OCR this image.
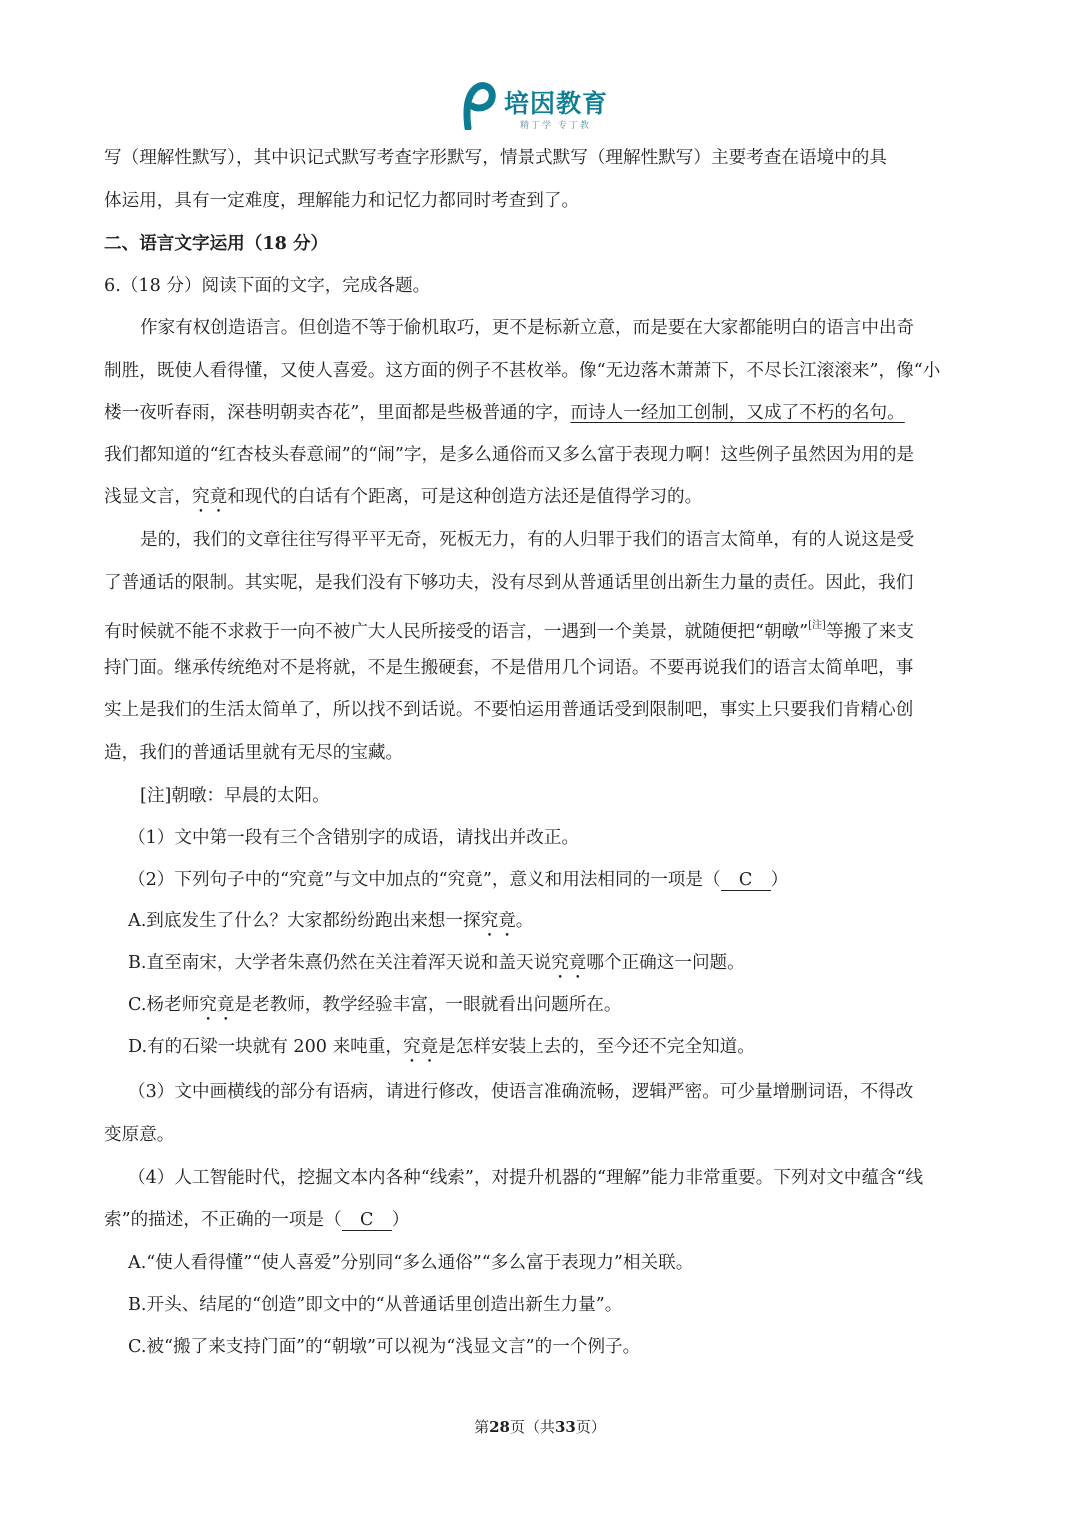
培因教育
精丁学 专丁教
写（理解性默写），其中识记式默写考查字形默写，情景式默写（理解性默写）主要考查在语境中的具
体运用，具有一定难度，理解能力和记忆力都同时考查到了。
二、语言文字运用（18 分）
6.（18 分）阅读下面的文字，完成各题。
作家有权创造语言。但创造不等于偷机取巧，更不是标新立意，而是要在大家都能明白的语言中出奇
制胜，既使人看得懂，又使人喜爱。这方面的例子不甚枚举。像“无边落木萧萧下，不尽长江滚滚来”，像“小
楼一夜听春雨，深巷明朝卖杏花”，里面都是些极普通的字，而诗人一经加工创制，又成了不朽的名句。
我们都知道的“红杏枝头春意闹”的“闹”字，是多么通俗而又多么富于表现力啊！这些例子虽然因为用的是
浅显文言，究竟和现代的白话有个距离，可是这种创造方法还是值得学习的。
是的，我们的文章往往写得平平无奇，死板无力，有的人归罪于我们的语言太简单，有的人说这是受
了普通话的限制。其实呢，是我们没有下够功夫，没有尽到从普通话里创出新生力量的责任。因此，我们
有时候就不能不求救于一向不被广大人民所接受的语言，一遇到一个美景，就随便把“朝暾”[注]等搬了来支
持门面。继承传统绝对不是将就，不是生搬硬套，不是借用几个词语。不要再说我们的语言太简单吧，事
实上是我们的生活太简单了，所以找不到话说。不要怕运用普通话受到限制吧，事实上只要我们肯精心创
造，我们的普通话里就有无尽的宝藏。
[注]朝暾：早晨的太阳。
（1）文中第一段有三个含错别字的成语，请找出并改正。
（2）下列句子中的“究竟”与文中加点的“究竟”，意义和用法相同的一项是（ C ）
A.到底发生了什么？大家都纷纷跑出来想一探究竟。
B.直至南宋，大学者朱熹仍然在关注着浑天说和盖天说究竟哪个正确这一问题。
C.杨老师究竟是老教师，教学经验丰富，一眼就看出问题所在。
D.有的石梁一块就有 200 来吨重，究竟是怎样安装上去的，至今还不完全知道。
（3）文中画横线的部分有语病，请进行修改，使语言准确流畅，逻辑严密。可少量增删词语，不得改
变原意。
（4）人工智能时代，挖掘文本内各种“线索”，对提升机器的“理解”能力非常重要。下列对文中蕴含“线
索”的描述，不正确的一项是（ C ）
A.“使人看得懂”“使人喜爱”分别同“多么通俗”“多么富于表现力”相关联。
B.开头、结尾的“创造”即文中的“从普通话里创造出新生力量”。
C.被“搬了来支持门面”的“朝墩”可以视为“浅显文言”的一个例子。
第28页（共33页）
